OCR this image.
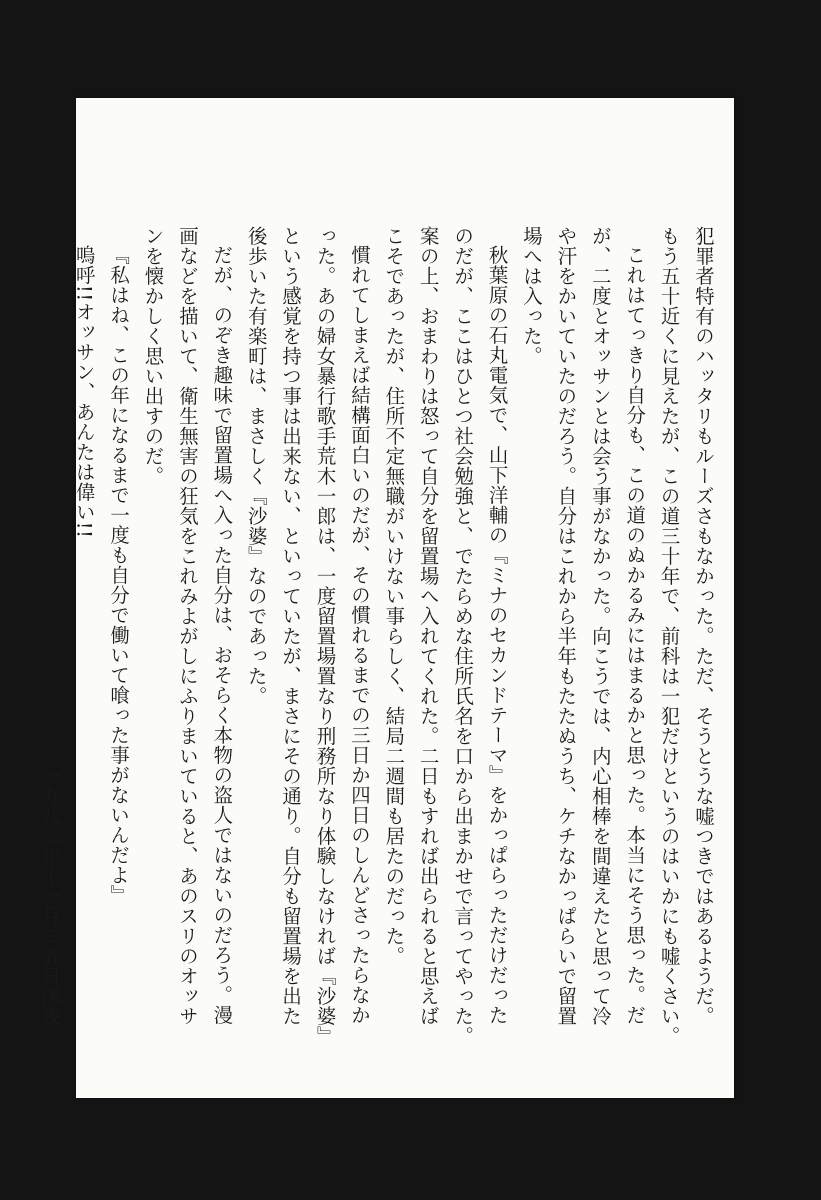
犯罪者特有のハッタリもルーズさもなかった。ただ、そうとうな嘘つきではあるようだ。

もう五十近くに見えたが、この道三十年で、前科は一犯だけというのはいかにも嘘くさい。

これはてっきり自分も、この道のぬかるみにはまるかと思った。本当にそう思った。だ

が、二度とオッサンとは会う事がなかった。向こうでは、内心相棒を間違えたと思って冷

や汗をかいていたのだろう。自分はこれから半年もたたぬうち、ケチなかっぱらいで留置

場へは入った。

秋葉原の石丸電気で、山下洋輔の『ミナのセカンドテーマ』をかっぱらっただけだった

のだが、ここはひとつ社会勉強と、でたらめな住所氏名を口から出まかせで言ってやった。

案の上、おまわりは怒って自分を留置場へ入れてくれた。二日もすれば出られると思えば

こそであったが、住所不定無職がいけない事らしく、結局二週間も居たのだった。

慣れてしまえば結構面白いのだが、その慣れるまでの三日か四日のしんどさったらなか

った。あの婦女暴行歌手荒木一郎は、一度留置場置なり刑務所なり体験しなければ『沙婆』

という感覚を持つ事は出来ない、といっていたが、まさにその通り。自分も留置場を出た

後歩いた有楽町は、まさしく『沙婆』なのであった。

だが、のぞき趣味で留置場へ入った自分は、おそらく本物の盗人ではないのだろう。漫

画などを描いて、衛生無害の狂気をこれみよがしにふりまいていると、あのスリのオッサ

ンを懐かしく思い出すのだ。

『私はね、この年になるまで一度も自分で働いて喰った事がないんだよ』

嗚呼!!オッサン、あんたは偉い!!

一九八二年十一月二五日深夜
